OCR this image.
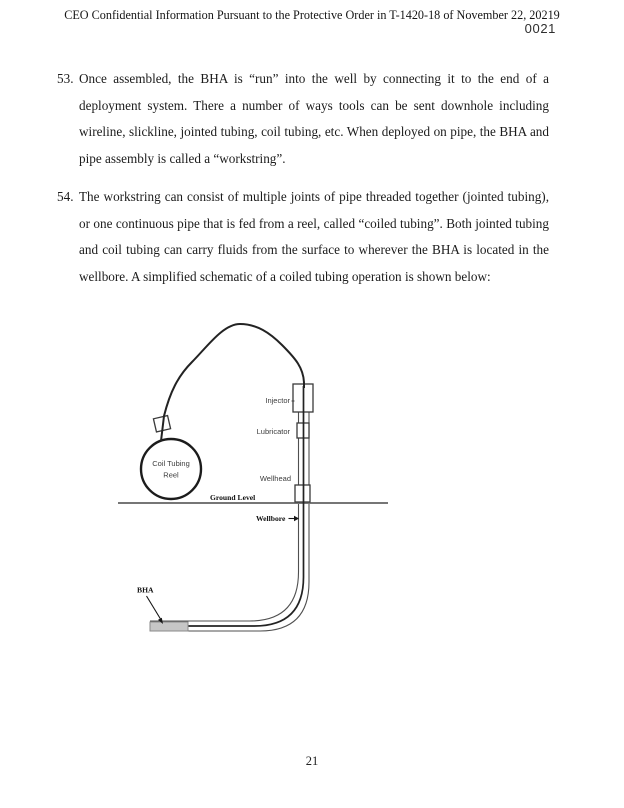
CEO Confidential Information Pursuant to the Protective Order in T-1420-18 of November 22, 20219
0021
53. Once assembled, the BHA is “run” into the well by connecting it to the end of a deployment system. There a number of ways tools can be sent downhole including wireline, slickline, jointed tubing, coil tubing, etc. When deployed on pipe, the BHA and pipe assembly is called a “workstring”.
54. The workstring can consist of multiple joints of pipe threaded together (jointed tubing), or one continuous pipe that is fed from a reel, called “coiled tubing”. Both jointed tubing and coil tubing can carry fluids from the surface to wherever the BHA is located in the wellbore. A simplified schematic of a coiled tubing operation is shown below:
Injector
Lubricator
Wellhead
Ground Level
Wellbore
BHA
Coil Tubing
Reel
21
